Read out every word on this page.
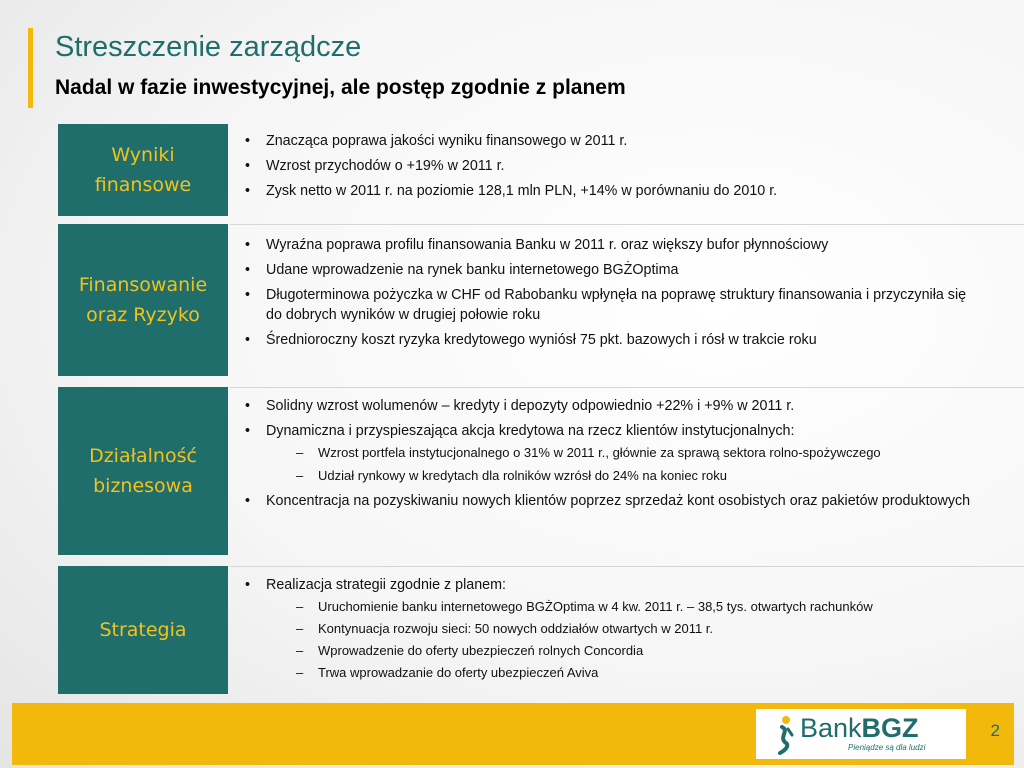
Streszczenie zarządcze
Nadal w fazie inwestycyjnej, ale postęp zgodnie z planem
Wyniki
finansowe
• Znacząca poprawa jakości wyniku finansowego w 2011 r.
• Wzrost przychodów o +19% w 2011 r.
• Zysk netto w 2011 r. na poziomie 128,1 mln PLN, +14% w porównaniu do 2010 r.
Finansowanie
oraz Ryzyko
• Wyraźna poprawa profilu finansowania Banku w 2011 r. oraz większy bufor płynnościowy
• Udane wprowadzenie na rynek banku internetowego BGŻOptima
• Długoterminowa pożyczka w CHF od Rabobanku wpłynęła na poprawę struktury finansowania i przyczyniła się do dobrych wyników w drugiej połowie roku
• Średnioroczny koszt ryzyka kredytowego wyniósł 75 pkt. bazowych i rósł w trakcie roku
Działalność
biznesowa
• Solidny wzrost wolumenów – kredyty i depozyty odpowiednio +22% i +9% w 2011 r.
• Dynamiczna i przyspieszająca akcja kredytowa na rzecz klientów instytucjonalnych:
– Wzrost portfela instytucjonalnego o 31% w 2011 r., głównie za sprawą sektora rolno-spożywczego
– Udział rynkowy w kredytach dla rolników wzrósł do 24% na koniec roku
• Koncentracja na pozyskiwaniu nowych klientów poprzez sprzedaż kont osobistych oraz pakietów produktowych
Strategia
• Realizacja strategii zgodnie z planem:
– Uruchomienie banku internetowego BGŻOptima w 4 kw. 2011 r. – 38,5 tys. otwartych rachunków
– Kontynuacja rozwoju sieci: 50 nowych oddziałów otwartych w 2011 r.
– Wprowadzenie do oferty ubezpieczeń rolnych Concordia
– Trwa wprowadzanie do oferty ubezpieczeń Aviva
BankBGZ
Pieniądze są dla ludzi
2
